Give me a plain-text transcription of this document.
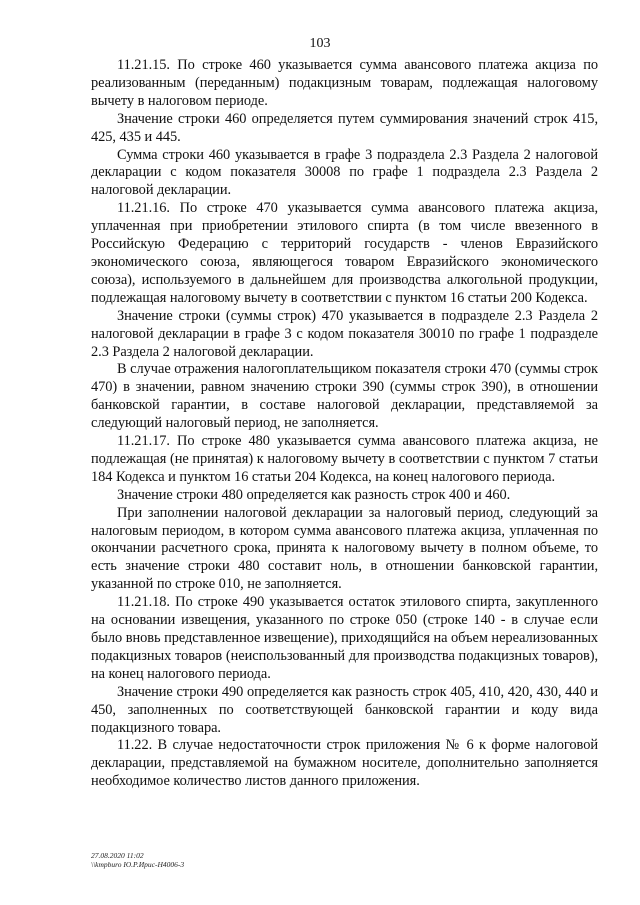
103

11.21.15. По строке 460 указывается сумма авансового платежа акциза по реализованным (переданным) подакцизным товарам, подлежащая налоговому вычету в налоговом периоде.

Значение строки 460 определяется путем суммирования значений строк 415, 425, 435 и 445.

Сумма строки 460 указывается в графе 3 подраздела 2.3 Раздела 2 налоговой декларации с кодом показателя 30008 по графе 1 подраздела 2.3 Раздела 2 налоговой декларации.

11.21.16. По строке 470 указывается сумма авансового платежа акциза, уплаченная при приобретении этилового спирта (в том числе ввезенного в Российскую Федерацию с территорий государств - членов Евразийского экономического союза, являющегося товаром Евразийского экономического союза), используемого в дальнейшем для производства алкогольной продукции, подлежащая налоговому вычету в соответствии с пунктом 16 статьи 200 Кодекса.

Значение строки (суммы строк) 470 указывается в подразделе 2.3 Раздела 2 налоговой декларации в графе 3 с кодом показателя 30010 по графе 1 подразделе 2.3 Раздела 2 налоговой декларации.

В случае отражения налогоплательщиком показателя строки 470 (суммы строк 470) в значении, равном значению строки 390 (суммы строк 390), в отношении банковской гарантии, в составе налоговой декларации, представляемой за следующий налоговый период, не заполняется.

11.21.17. По строке 480 указывается сумма авансового платежа акциза, не подлежащая (не принятая) к налоговому вычету в соответствии с пунктом 7 статьи 184 Кодекса и пунктом 16 статьи 204 Кодекса, на конец налогового периода.

Значение строки 480 определяется как разность строк 400 и 460.

При заполнении налоговой декларации за налоговый период, следующий за налоговым периодом, в котором сумма авансового платежа акциза, уплаченная по окончании расчетного срока, принята к налоговому вычету в полном объеме, то есть значение строки 480 составит ноль, в отношении банковской гарантии, указанной по строке 010, не заполняется.

11.21.18. По строке 490 указывается остаток этилового спирта, закупленного на основании извещения, указанного по строке 050 (строке 140 - в случае если было вновь представленное извещение), приходящийся на объем нереализованных подакцизных товаров (неиспользованный для производства подакцизных товаров), на конец налогового периода.

Значение строки 490 определяется как разность строк 405, 410, 420, 430, 440 и 450, заполненных по соответствующей банковской гарантии и коду вида подакцизного товара.

11.22. В случае недостаточности строк приложения № 6 к форме налоговой декларации, представляемой на бумажном носителе, дополнительно заполняется необходимое количество листов данного приложения.

27.08.2020 11:02
\\kmpburo Ю.Р.Ирис-Н4006-3
